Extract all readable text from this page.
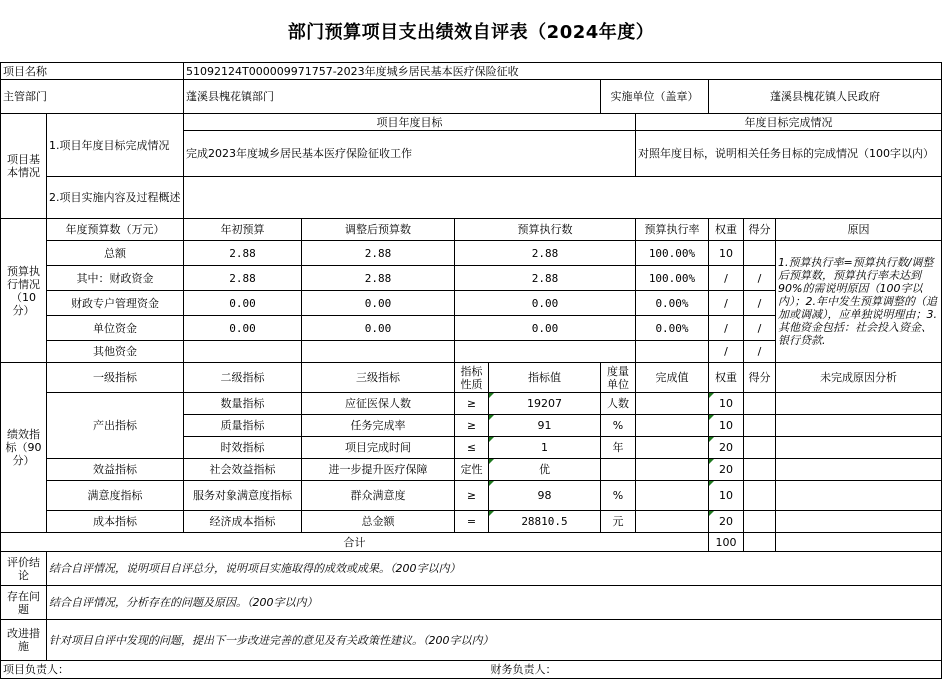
部门预算项目支出绩效自评表（2024年度）
项目名称		51092124T000009971757-2023年度城乡居民基本医疗保险征收								
主管部门		蓬溪县槐花镇部门				实施单位（盖章）		蓬溪县槐花镇人民政府		
项目基本情况	1.项目年度目标完成情况	项目年度目标					年度目标完成情况			
		完成2023年度城乡居民基本医疗保险征收工作					对照年度目标，说明相关任务目标的完成情况（100字以内）			
	2.项目实施内容及过程概述									
预算执行情况（10分）	年度预算数（万元）	年初预算	调整后预算数	预算执行数			预算执行率	权重	得分	原因
	总额	2.88	2.88	2.88			100.00%	10		1.预算执行率=预算执行数/调整后预算数，预算执行率未达到90%的需说明原因（100字以内）；2.年中发生预算调整的（追加或调减），应单独说明理由；3.其他资金包括：社会投入资金、银行贷款.
	其中：财政资金	2.88	2.88	2.88			100.00%	/	/	
	财政专户管理资金	0.00	0.00	0.00			0.00%	/	/	
	单位资金	0.00	0.00	0.00			0.00%	/	/	
	其他资金							/	/	
绩效指标（90分）	一级指标	二级指标	三级指标	指标性质	指标值	度量单位	完成值	权重	得分	未完成原因分析
	产出指标	数量指标	应征医保人数	≥	19207	人数		10		
		质量指标	任务完成率	≥	91	%		10		
		时效指标	项目完成时间	≤	1	年		20		
	效益指标	社会效益指标	进一步提升医疗保障	定性	优			20		
	满意度指标	服务对象满意度指标	群众满意度	≥	98	%		10		
	成本指标	经济成本指标	总金额	=	28810.5	元		20		
合计								100		
评价结论	结合自评情况，说明项目自评总分，说明项目实施取得的成效或成果。（200字以内）									
存在问题	结合自评情况，分析存在的问题及原因。（200字以内）									
改进措施	针对项目自评中发现的问题，提出下一步改进完善的意见及有关政策性建议。（200字以内）									
项目负责人：					财务负责人：					
